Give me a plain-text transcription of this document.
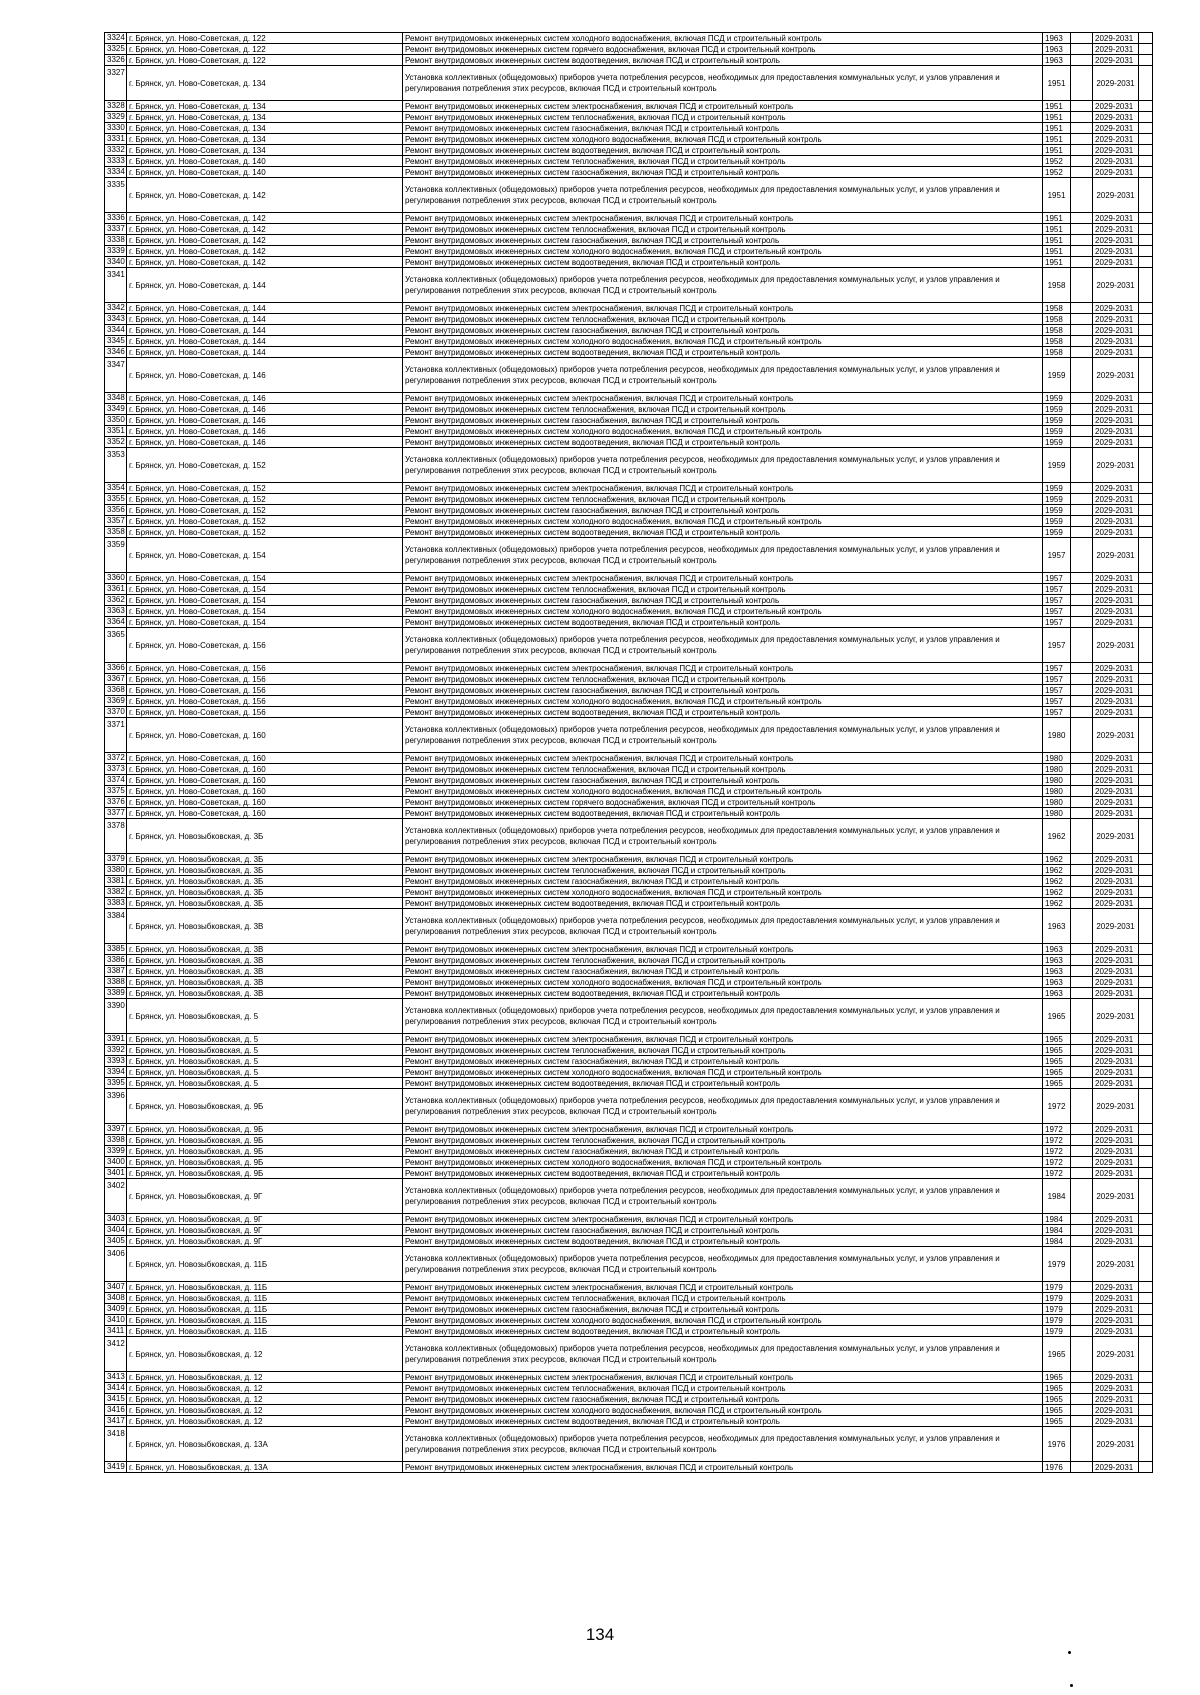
3324	г. Брянск, ул. Ново-Советская, д. 122	Ремонт внутридомовых инженерных систем холодного водоснабжения, включая ПСД и строительный контроль	1963		2029-2031	
3325	г. Брянск, ул. Ново-Советская, д. 122	Ремонт внутридомовых инженерных систем горячего водоснабжения, включая ПСД и строительный контроль	1963		2029-2031	
3326	г. Брянск, ул. Ново-Советская, д. 122	Ремонт внутридомовых инженерных систем водоотведения, включая ПСД и строительный контроль	1963		2029-2031	
3327	г. Брянск, ул. Ново-Советская, д. 134	Установка коллективных (общедомовых) приборов учета потребления ресурсов, необходимых для предоставления коммунальных услуг, и узлов управления и регулирования потребления этих ресурсов, включая ПСД и строительный контроль	1951		2029-2031	
3328	г. Брянск, ул. Ново-Советская, д. 134	Ремонт внутридомовых инженерных систем электроснабжения, включая ПСД и строительный контроль	1951		2029-2031	
3329	г. Брянск, ул. Ново-Советская, д. 134	Ремонт внутридомовых инженерных систем теплоснабжения, включая ПСД и строительный контроль	1951		2029-2031	
3330	г. Брянск, ул. Ново-Советская, д. 134	Ремонт внутридомовых инженерных систем газоснабжения, включая ПСД и строительный контроль	1951		2029-2031	
3331	г. Брянск, ул. Ново-Советская, д. 134	Ремонт внутридомовых инженерных систем холодного водоснабжения, включая ПСД и строительный контроль	1951		2029-2031	
3332	г. Брянск, ул. Ново-Советская, д. 134	Ремонт внутридомовых инженерных систем водоотведения, включая ПСД и строительный контроль	1951		2029-2031	
3333	г. Брянск, ул. Ново-Советская, д. 140	Ремонт внутридомовых инженерных систем теплоснабжения, включая ПСД и строительный контроль	1952		2029-2031	
3334	г. Брянск, ул. Ново-Советская, д. 140	Ремонт внутридомовых инженерных систем газоснабжения, включая ПСД и строительный контроль	1952		2029-2031	
3335	г. Брянск, ул. Ново-Советская, д. 142	Установка коллективных (общедомовых) приборов учета потребления ресурсов, необходимых для предоставления коммунальных услуг, и узлов управления и регулирования потребления этих ресурсов, включая ПСД и строительный контроль	1951		2029-2031	
3336	г. Брянск, ул. Ново-Советская, д. 142	Ремонт внутридомовых инженерных систем электроснабжения, включая ПСД и строительный контроль	1951		2029-2031	
3337	г. Брянск, ул. Ново-Советская, д. 142	Ремонт внутридомовых инженерных систем теплоснабжения, включая ПСД и строительный контроль	1951		2029-2031	
3338	г. Брянск, ул. Ново-Советская, д. 142	Ремонт внутридомовых инженерных систем газоснабжения, включая ПСД и строительный контроль	1951		2029-2031	
3339	г. Брянск, ул. Ново-Советская, д. 142	Ремонт внутридомовых инженерных систем холодного водоснабжения, включая ПСД и строительный контроль	1951		2029-2031	
3340	г. Брянск, ул. Ново-Советская, д. 142	Ремонт внутридомовых инженерных систем водоотведения, включая ПСД и строительный контроль	1951		2029-2031	
3341	г. Брянск, ул. Ново-Советская, д. 144	Установка коллективных (общедомовых) приборов учета потребления ресурсов, необходимых для предоставления коммунальных услуг, и узлов управления и регулирования потребления этих ресурсов, включая ПСД и строительный контроль	1958		2029-2031	
3342	г. Брянск, ул. Ново-Советская, д. 144	Ремонт внутридомовых инженерных систем электроснабжения, включая ПСД и строительный контроль	1958		2029-2031	
3343	г. Брянск, ул. Ново-Советская, д. 144	Ремонт внутридомовых инженерных систем теплоснабжения, включая ПСД и строительный контроль	1958		2029-2031	
3344	г. Брянск, ул. Ново-Советская, д. 144	Ремонт внутридомовых инженерных систем газоснабжения, включая ПСД и строительный контроль	1958		2029-2031	
3345	г. Брянск, ул. Ново-Советская, д. 144	Ремонт внутридомовых инженерных систем холодного водоснабжения, включая ПСД и строительный контроль	1958		2029-2031	
3346	г. Брянск, ул. Ново-Советская, д. 144	Ремонт внутридомовых инженерных систем водоотведения, включая ПСД и строительный контроль	1958		2029-2031	
3347	г. Брянск, ул. Ново-Советская, д. 146	Установка коллективных (общедомовых) приборов учета потребления ресурсов, необходимых для предоставления коммунальных услуг, и узлов управления и регулирования потребления этих ресурсов, включая ПСД и строительный контроль	1959		2029-2031	
3348	г. Брянск, ул. Ново-Советская, д. 146	Ремонт внутридомовых инженерных систем электроснабжения, включая ПСД и строительный контроль	1959		2029-2031	
3349	г. Брянск, ул. Ново-Советская, д. 146	Ремонт внутридомовых инженерных систем теплоснабжения, включая ПСД и строительный контроль	1959		2029-2031	
3350	г. Брянск, ул. Ново-Советская, д. 146	Ремонт внутридомовых инженерных систем газоснабжения, включая ПСД и строительный контроль	1959		2029-2031	
3351	г. Брянск, ул. Ново-Советская, д. 146	Ремонт внутридомовых инженерных систем холодного водоснабжения, включая ПСД и строительный контроль	1959		2029-2031	
3352	г. Брянск, ул. Ново-Советская, д. 146	Ремонт внутридомовых инженерных систем водоотведения, включая ПСД и строительный контроль	1959		2029-2031	
3353	г. Брянск, ул. Ново-Советская, д. 152	Установка коллективных (общедомовых) приборов учета потребления ресурсов, необходимых для предоставления коммунальных услуг, и узлов управления и регулирования потребления этих ресурсов, включая ПСД и строительный контроль	1959		2029-2031	
3354	г. Брянск, ул. Ново-Советская, д. 152	Ремонт внутридомовых инженерных систем электроснабжения, включая ПСД и строительный контроль	1959		2029-2031	
3355	г. Брянск, ул. Ново-Советская, д. 152	Ремонт внутридомовых инженерных систем теплоснабжения, включая ПСД и строительный контроль	1959		2029-2031	
3356	г. Брянск, ул. Ново-Советская, д. 152	Ремонт внутридомовых инженерных систем газоснабжения, включая ПСД и строительный контроль	1959		2029-2031	
3357	г. Брянск, ул. Ново-Советская, д. 152	Ремонт внутридомовых инженерных систем холодного водоснабжения, включая ПСД и строительный контроль	1959		2029-2031	
3358	г. Брянск, ул. Ново-Советская, д. 152	Ремонт внутридомовых инженерных систем водоотведения, включая ПСД и строительный контроль	1959		2029-2031	
3359	г. Брянск, ул. Ново-Советская, д. 154	Установка коллективных (общедомовых) приборов учета потребления ресурсов, необходимых для предоставления коммунальных услуг, и узлов управления и регулирования потребления этих ресурсов, включая ПСД и строительный контроль	1957		2029-2031	
3360	г. Брянск, ул. Ново-Советская, д. 154	Ремонт внутридомовых инженерных систем электроснабжения, включая ПСД и строительный контроль	1957		2029-2031	
3361	г. Брянск, ул. Ново-Советская, д. 154	Ремонт внутридомовых инженерных систем теплоснабжения, включая ПСД и строительный контроль	1957		2029-2031	
3362	г. Брянск, ул. Ново-Советская, д. 154	Ремонт внутридомовых инженерных систем газоснабжения, включая ПСД и строительный контроль	1957		2029-2031	
3363	г. Брянск, ул. Ново-Советская, д. 154	Ремонт внутридомовых инженерных систем холодного водоснабжения, включая ПСД и строительный контроль	1957		2029-2031	
3364	г. Брянск, ул. Ново-Советская, д. 154	Ремонт внутридомовых инженерных систем водоотведения, включая ПСД и строительный контроль	1957		2029-2031	
3365	г. Брянск, ул. Ново-Советская, д. 156	Установка коллективных (общедомовых) приборов учета потребления ресурсов, необходимых для предоставления коммунальных услуг, и узлов управления и регулирования потребления этих ресурсов, включая ПСД и строительный контроль	1957		2029-2031	
3366	г. Брянск, ул. Ново-Советская, д. 156	Ремонт внутридомовых инженерных систем электроснабжения, включая ПСД и строительный контроль	1957		2029-2031	
3367	г. Брянск, ул. Ново-Советская, д. 156	Ремонт внутридомовых инженерных систем теплоснабжения, включая ПСД и строительный контроль	1957		2029-2031	
3368	г. Брянск, ул. Ново-Советская, д. 156	Ремонт внутридомовых инженерных систем газоснабжения, включая ПСД и строительный контроль	1957		2029-2031	
3369	г. Брянск, ул. Ново-Советская, д. 156	Ремонт внутридомовых инженерных систем холодного водоснабжения, включая ПСД и строительный контроль	1957		2029-2031	
3370	г. Брянск, ул. Ново-Советская, д. 156	Ремонт внутридомовых инженерных систем водоотведения, включая ПСД и строительный контроль	1957		2029-2031	
3371	г. Брянск, ул. Ново-Советская, д. 160	Установка коллективных (общедомовых) приборов учета потребления ресурсов, необходимых для предоставления коммунальных услуг, и узлов управления и регулирования потребления этих ресурсов, включая ПСД и строительный контроль	1980		2029-2031	
3372	г. Брянск, ул. Ново-Советская, д. 160	Ремонт внутридомовых инженерных систем электроснабжения, включая ПСД и строительный контроль	1980		2029-2031	
3373	г. Брянск, ул. Ново-Советская, д. 160	Ремонт внутридомовых инженерных систем теплоснабжения, включая ПСД и строительный контроль	1980		2029-2031	
3374	г. Брянск, ул. Ново-Советская, д. 160	Ремонт внутридомовых инженерных систем газоснабжения, включая ПСД и строительный контроль	1980		2029-2031	
3375	г. Брянск, ул. Ново-Советская, д. 160	Ремонт внутридомовых инженерных систем холодного водоснабжения, включая ПСД и строительный контроль	1980		2029-2031	
3376	г. Брянск, ул. Ново-Советская, д. 160	Ремонт внутридомовых инженерных систем горячего водоснабжения, включая ПСД и строительный контроль	1980		2029-2031	
3377	г. Брянск, ул. Ново-Советская, д. 160	Ремонт внутридомовых инженерных систем водоотведения, включая ПСД и строительный контроль	1980		2029-2031	
3378	г. Брянск, ул. Новозыбковская, д. 3Б	Установка коллективных (общедомовых) приборов учета потребления ресурсов, необходимых для предоставления коммунальных услуг, и узлов управления и регулирования потребления этих ресурсов, включая ПСД и строительный контроль	1962		2029-2031	
3379	г. Брянск, ул. Новозыбковская, д. 3Б	Ремонт внутридомовых инженерных систем электроснабжения, включая ПСД и строительный контроль	1962		2029-2031	
3380	г. Брянск, ул. Новозыбковская, д. 3Б	Ремонт внутридомовых инженерных систем теплоснабжения, включая ПСД и строительный контроль	1962		2029-2031	
3381	г. Брянск, ул. Новозыбковская, д. 3Б	Ремонт внутридомовых инженерных систем газоснабжения, включая ПСД и строительный контроль	1962		2029-2031	
3382	г. Брянск, ул. Новозыбковская, д. 3Б	Ремонт внутридомовых инженерных систем холодного водоснабжения, включая ПСД и строительный контроль	1962		2029-2031	
3383	г. Брянск, ул. Новозыбковская, д. 3Б	Ремонт внутридомовых инженерных систем водоотведения, включая ПСД и строительный контроль	1962		2029-2031	
3384	г. Брянск, ул. Новозыбковская, д. 3В	Установка коллективных (общедомовых) приборов учета потребления ресурсов, необходимых для предоставления коммунальных услуг, и узлов управления и регулирования потребления этих ресурсов, включая ПСД и строительный контроль	1963		2029-2031	
3385	г. Брянск, ул. Новозыбковская, д. 3В	Ремонт внутридомовых инженерных систем электроснабжения, включая ПСД и строительный контроль	1963		2029-2031	
3386	г. Брянск, ул. Новозыбковская, д. 3В	Ремонт внутридомовых инженерных систем теплоснабжения, включая ПСД и строительный контроль	1963		2029-2031	
3387	г. Брянск, ул. Новозыбковская, д. 3В	Ремонт внутридомовых инженерных систем газоснабжения, включая ПСД и строительный контроль	1963		2029-2031	
3388	г. Брянск, ул. Новозыбковская, д. 3В	Ремонт внутридомовых инженерных систем холодного водоснабжения, включая ПСД и строительный контроль	1963		2029-2031	
3389	г. Брянск, ул. Новозыбковская, д. 3В	Ремонт внутридомовых инженерных систем водоотведения, включая ПСД и строительный контроль	1963		2029-2031	
3390	г. Брянск, ул. Новозыбковская, д. 5	Установка коллективных (общедомовых) приборов учета потребления ресурсов, необходимых для предоставления коммунальных услуг, и узлов управления и регулирования потребления этих ресурсов, включая ПСД и строительный контроль	1965		2029-2031	
3391	г. Брянск, ул. Новозыбковская, д. 5	Ремонт внутридомовых инженерных систем электроснабжения, включая ПСД и строительный контроль	1965		2029-2031	
3392	г. Брянск, ул. Новозыбковская, д. 5	Ремонт внутридомовых инженерных систем теплоснабжения, включая ПСД и строительный контроль	1965		2029-2031	
3393	г. Брянск, ул. Новозыбковская, д. 5	Ремонт внутридомовых инженерных систем газоснабжения, включая ПСД и строительный контроль	1965		2029-2031	
3394	г. Брянск, ул. Новозыбковская, д. 5	Ремонт внутридомовых инженерных систем холодного водоснабжения, включая ПСД и строительный контроль	1965		2029-2031	
3395	г. Брянск, ул. Новозыбковская, д. 5	Ремонт внутридомовых инженерных систем водоотведения, включая ПСД и строительный контроль	1965		2029-2031	
3396	г. Брянск, ул. Новозыбковская, д. 9Б	Установка коллективных (общедомовых) приборов учета потребления ресурсов, необходимых для предоставления коммунальных услуг, и узлов управления и регулирования потребления этих ресурсов, включая ПСД и строительный контроль	1972		2029-2031	
3397	г. Брянск, ул. Новозыбковская, д. 9Б	Ремонт внутридомовых инженерных систем электроснабжения, включая ПСД и строительный контроль	1972		2029-2031	
3398	г. Брянск, ул. Новозыбковская, д. 9Б	Ремонт внутридомовых инженерных систем теплоснабжения, включая ПСД и строительный контроль	1972		2029-2031	
3399	г. Брянск, ул. Новозыбковская, д. 9Б	Ремонт внутридомовых инженерных систем газоснабжения, включая ПСД и строительный контроль	1972		2029-2031	
3400	г. Брянск, ул. Новозыбковская, д. 9Б	Ремонт внутридомовых инженерных систем холодного водоснабжения, включая ПСД и строительный контроль	1972		2029-2031	
3401	г. Брянск, ул. Новозыбковская, д. 9Б	Ремонт внутридомовых инженерных систем водоотведения, включая ПСД и строительный контроль	1972		2029-2031	
3402	г. Брянск, ул. Новозыбковская, д. 9Г	Установка коллективных (общедомовых) приборов учета потребления ресурсов, необходимых для предоставления коммунальных услуг, и узлов управления и регулирования потребления этих ресурсов, включая ПСД и строительный контроль	1984		2029-2031	
3403	г. Брянск, ул. Новозыбковская, д. 9Г	Ремонт внутридомовых инженерных систем электроснабжения, включая ПСД и строительный контроль	1984		2029-2031	
3404	г. Брянск, ул. Новозыбковская, д. 9Г	Ремонт внутридомовых инженерных систем газоснабжения, включая ПСД и строительный контроль	1984		2029-2031	
3405	г. Брянск, ул. Новозыбковская, д. 9Г	Ремонт внутридомовых инженерных систем водоотведения, включая ПСД и строительный контроль	1984		2029-2031	
3406	г. Брянск, ул. Новозыбковская, д. 11Б	Установка коллективных (общедомовых) приборов учета потребления ресурсов, необходимых для предоставления коммунальных услуг, и узлов управления и регулирования потребления этих ресурсов, включая ПСД и строительный контроль	1979		2029-2031	
3407	г. Брянск, ул. Новозыбковская, д. 11Б	Ремонт внутридомовых инженерных систем электроснабжения, включая ПСД и строительный контроль	1979		2029-2031	
3408	г. Брянск, ул. Новозыбковская, д. 11Б	Ремонт внутридомовых инженерных систем теплоснабжения, включая ПСД и строительный контроль	1979		2029-2031	
3409	г. Брянск, ул. Новозыбковская, д. 11Б	Ремонт внутридомовых инженерных систем газоснабжения, включая ПСД и строительный контроль	1979		2029-2031	
3410	г. Брянск, ул. Новозыбковская, д. 11Б	Ремонт внутридомовых инженерных систем холодного водоснабжения, включая ПСД и строительный контроль	1979		2029-2031	
3411	г. Брянск, ул. Новозыбковская, д. 11Б	Ремонт внутридомовых инженерных систем водоотведения, включая ПСД и строительный контроль	1979		2029-2031	
3412	г. Брянск, ул. Новозыбковская, д. 12	Установка коллективных (общедомовых) приборов учета потребления ресурсов, необходимых для предоставления коммунальных услуг, и узлов управления и регулирования потребления этих ресурсов, включая ПСД и строительный контроль	1965		2029-2031	
3413	г. Брянск, ул. Новозыбковская, д. 12	Ремонт внутридомовых инженерных систем электроснабжения, включая ПСД и строительный контроль	1965		2029-2031	
3414	г. Брянск, ул. Новозыбковская, д. 12	Ремонт внутридомовых инженерных систем теплоснабжения, включая ПСД и строительный контроль	1965		2029-2031	
3415	г. Брянск, ул. Новозыбковская, д. 12	Ремонт внутридомовых инженерных систем газоснабжения, включая ПСД и строительный контроль	1965		2029-2031	
3416	г. Брянск, ул. Новозыбковская, д. 12	Ремонт внутридомовых инженерных систем холодного водоснабжения, включая ПСД и строительный контроль	1965		2029-2031	
3417	г. Брянск, ул. Новозыбковская, д. 12	Ремонт внутридомовых инженерных систем водоотведения, включая ПСД и строительный контроль	1965		2029-2031	
3418	г. Брянск, ул. Новозыбковская, д. 13А	Установка коллективных (общедомовых) приборов учета потребления ресурсов, необходимых для предоставления коммунальных услуг, и узлов управления и регулирования потребления этих ресурсов, включая ПСД и строительный контроль	1976		2029-2031	
3419	г. Брянск, ул. Новозыбковская, д. 13А	Ремонт внутридомовых инженерных систем электроснабжения, включая ПСД и строительный контроль	1976		2029-2031	
134
